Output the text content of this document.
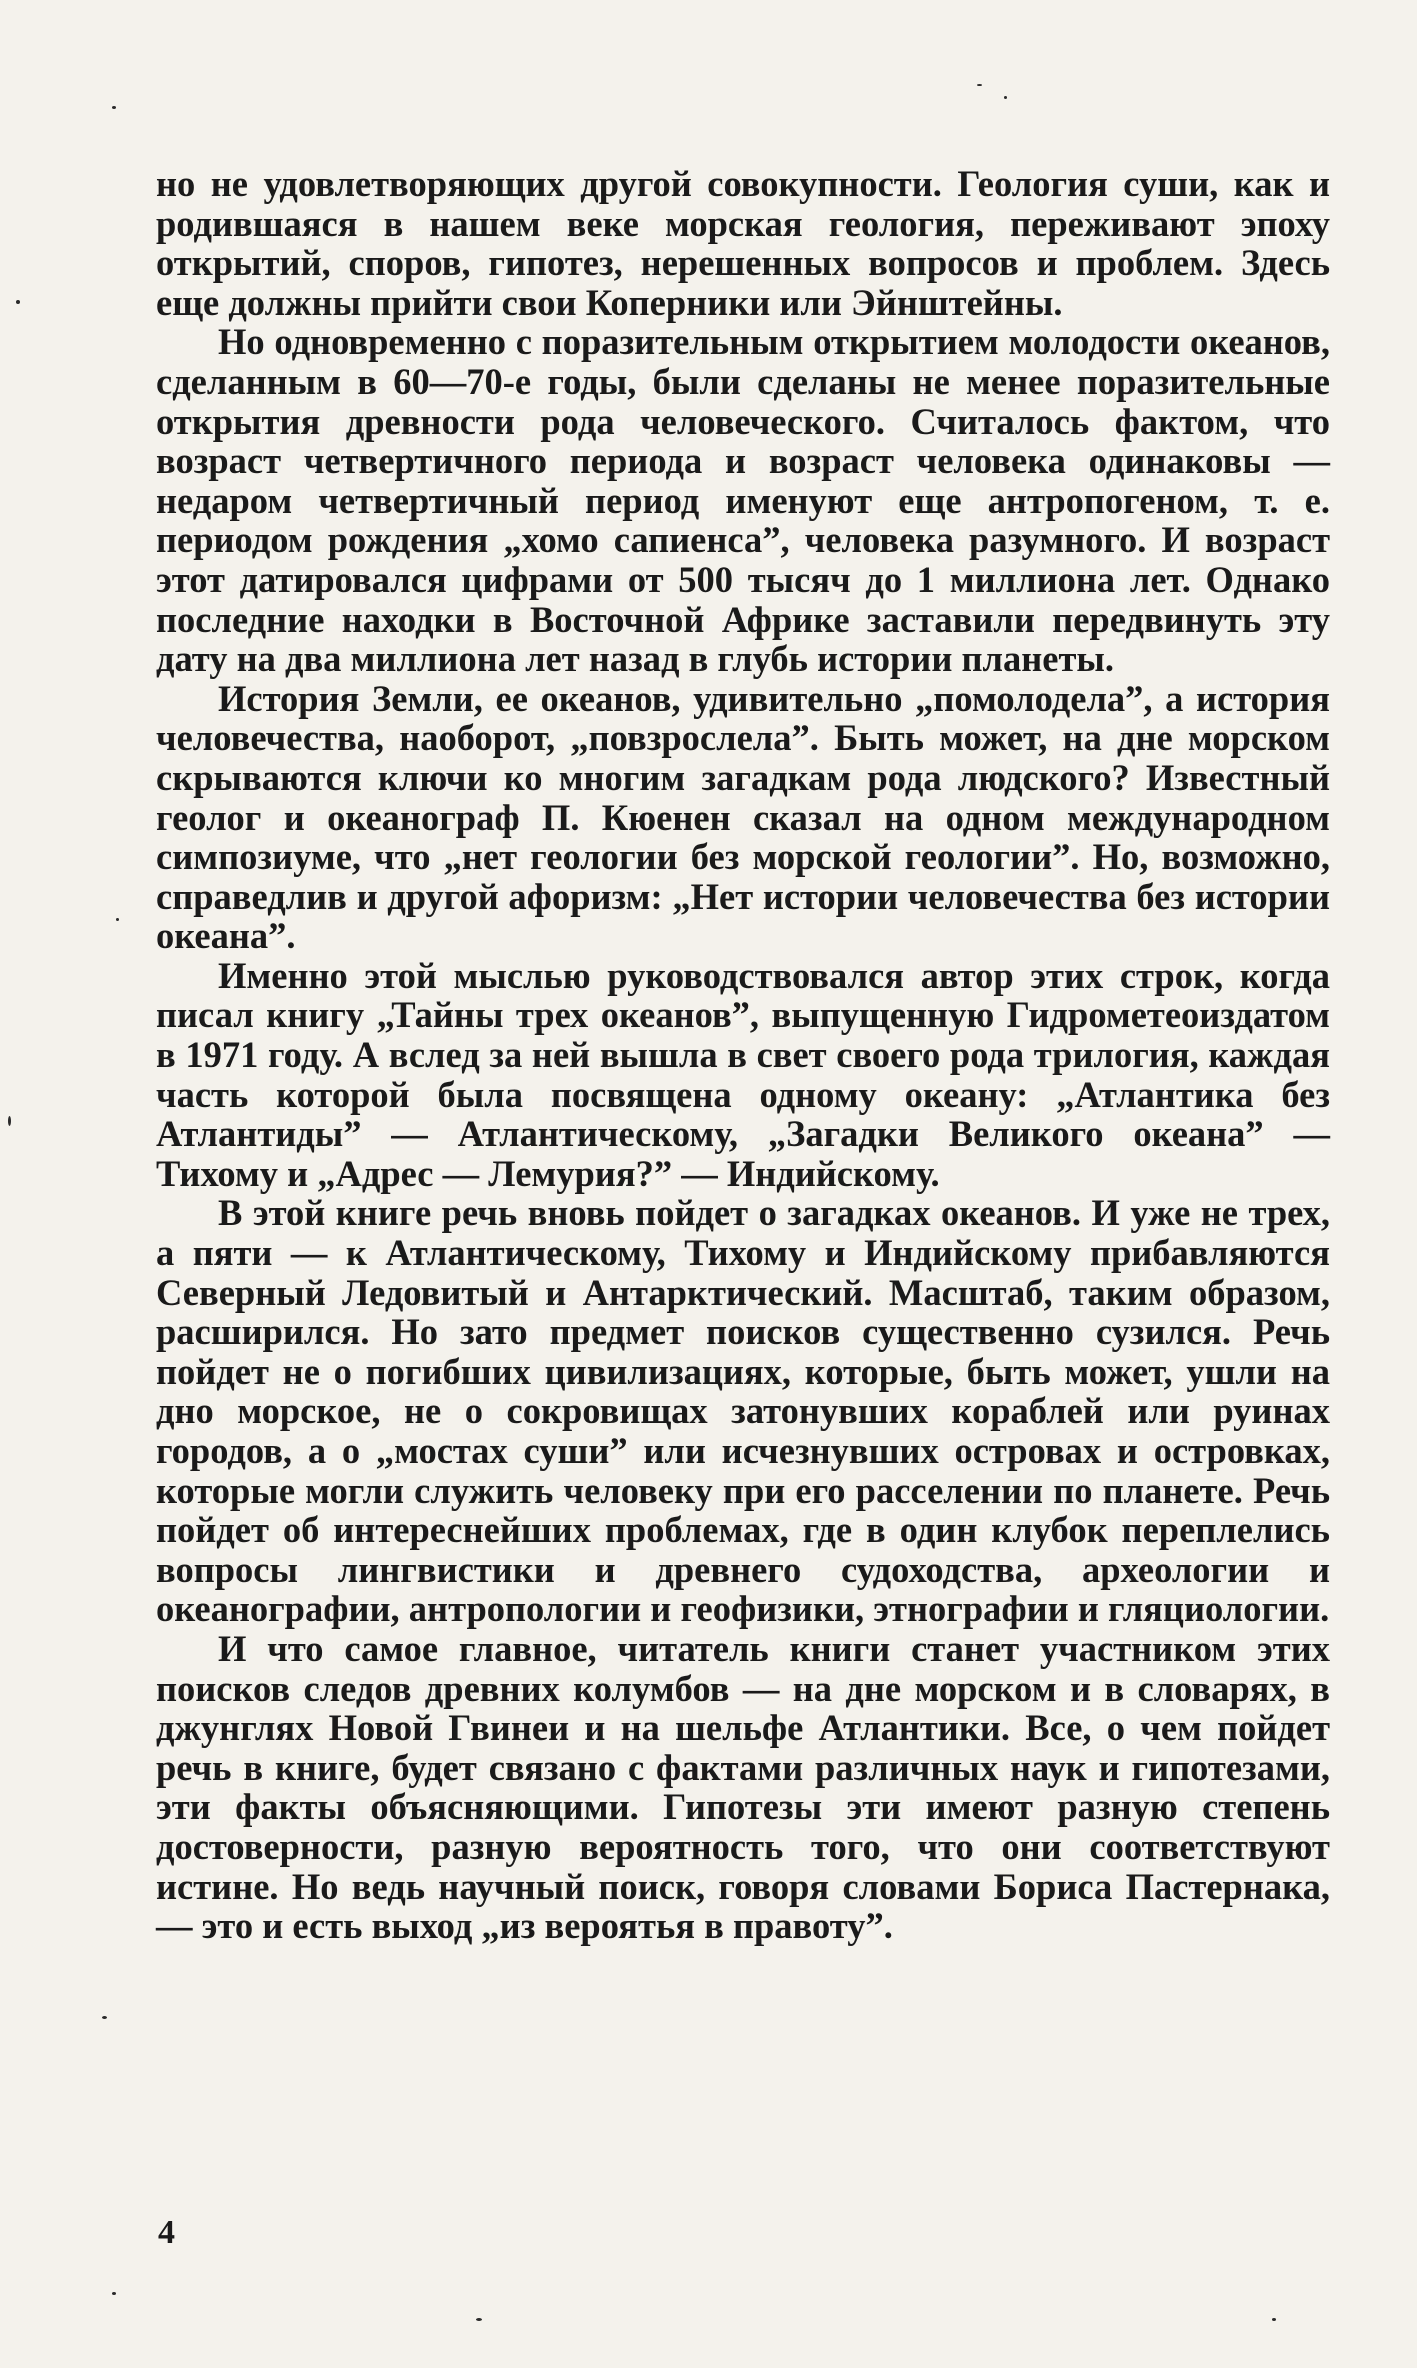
но не удовлетворяющих другой совокупности. Геология суши, как и родившаяся в нашем веке морская геология, переживают эпоху открытий, споров, гипотез, нерешенных вопросов и проблем. Здесь еще должны прийти свои Коперники или Эйнштейны.

Но одновременно с поразительным открытием молодости океанов, сделанным в 60—70-е годы, были сделаны не менее поразительные открытия древности рода человеческого. Считалось фактом, что возраст четвертичного периода и возраст человека одинаковы — недаром четвертичный период именуют еще антропогеном, т. е. периодом рождения „хомо сапиенса”, человека разумного. И возраст этот датировался цифрами от 500 тысяч до 1 миллиона лет. Однако последние находки в Восточной Африке заставили передвинуть эту дату на два миллиона лет назад в глубь истории планеты.

История Земли, ее океанов, удивительно „помолодела”, а история человечества, наоборот, „повзрослела”. Быть может, на дне морском скрываются ключи ко многим загадкам рода людского? Известный геолог и океанограф П. Кюенен сказал на одном международном симпозиуме, что „нет геологии без морской геологии”. Но, возможно, справедлив и другой афоризм: „Нет истории человечества без истории океана”.

Именно этой мыслью руководствовался автор этих строк, когда писал книгу „Тайны трех океанов”, выпущенную Гидрометеоиздатом в 1971 году. А вслед за ней вышла в свет своего рода трилогия, каждая часть которой была посвящена одному океану: „Атлантика без Атлантиды” — Атлантическому, „Загадки Великого океана” — Тихому и „Адрес — Лемурия?” — Индийскому.

В этой книге речь вновь пойдет о загадках океанов. И уже не трех, а пяти — к Атлантическому, Тихому и Индийскому прибавляются Северный Ледовитый и Антарктический. Масштаб, таким образом, расширился. Но зато предмет поисков существенно сузился. Речь пойдет не о погибших цивилизациях, которые, быть может, ушли на дно морское, не о сокровищах затонувших кораблей или руинах городов, а о „мостах суши” или исчезнувших островах и островках, которые могли служить человеку при его расселении по планете. Речь пойдет об интереснейших проблемах, где в один клубок переплелись вопросы лингвистики и древнего судоходства, археологии и океанографии, антропологии и геофизики, этнографии и гляциологии.

И что самое главное, читатель книги станет участником этих поисков следов древних колумбов — на дне морском и в словарях, в джунглях Новой Гвинеи и на шельфе Атлантики. Все, о чем пойдет речь в книге, будет связано с фактами различных наук и гипотезами, эти факты объясняющими. Гипотезы эти имеют разную степень достоверности, разную вероятность того, что они соответствуют истине. Но ведь научный поиск, говоря словами Бориса Пастернака, — это и есть выход „из вероятья в правоту”.

4
